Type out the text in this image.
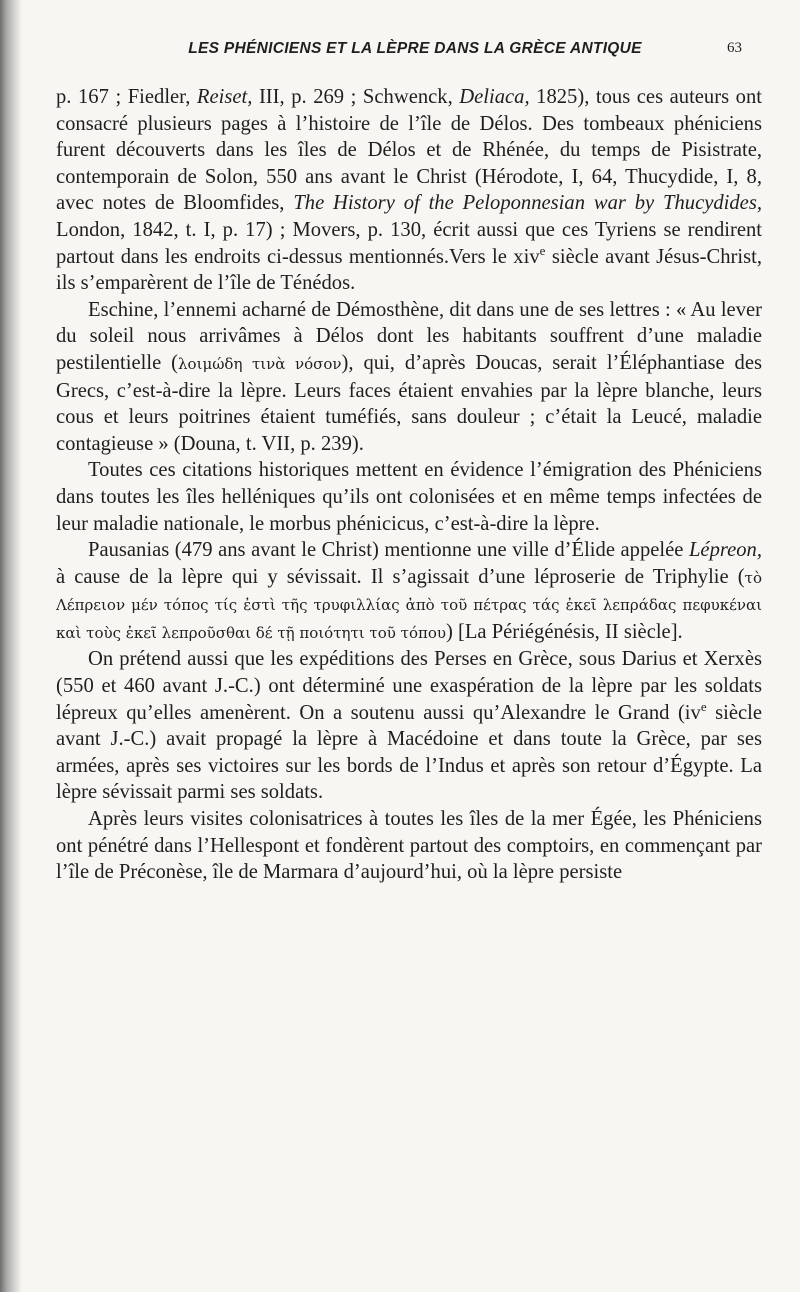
LES PHÉNICIENS ET LA LÈPRE DANS LA GRÈCE ANTIQUE	63

p. 167 ; Fiedler, Reiset, III, p. 269 ; Schwenck, Deliaca, 1825), tous ces auteurs ont consacré plusieurs pages à l’histoire de l’île de Délos. Des tombeaux phéniciens furent découverts dans les îles de Délos et de Rhénée, du temps de Pisistrate, contemporain de Solon, 550 ans avant le Christ (Hérodote, I, 64, Thucydide, I, 8, avec notes de Bloomfides, The History of the Peloponnesian war by Thucydides, London, 1842, t. I, p. 17) ; Movers, p. 130, écrit aussi que ces Tyriens se rendirent partout dans les endroits ci-dessus mentionnés.Vers le xiv$^e$ siècle avant Jésus-Christ, ils s’emparèrent de l’île de Ténédos.

Eschine, l’ennemi acharné de Démosthène, dit dans une de ses lettres : « Au lever du soleil nous arrivâmes à Délos dont les habitants souffrent d’une maladie pestilentielle (λοιμώδη τινὰ νόσον), qui, d’après Doucas, serait l’Éléphantiase des Grecs, c’est-à-dire la lèpre. Leurs faces étaient envahies par la lèpre blanche, leurs cous et leurs poitrines étaient tuméfiés, sans douleur ; c’était la Leucé, maladie contagieuse » (Douna, t. VII, p. 239).

Toutes ces citations historiques mettent en évidence l’émigration des Phéniciens dans toutes les îles helléniques qu’ils ont colonisées et en même temps infectées de leur maladie nationale, le morbus phénicicus, c’est-à-dire la lèpre.

Pausanias (479 ans avant le Christ) mentionne une ville d’Élide appelée Lépreon, à cause de la lèpre qui y sévissait. Il s’agissait d’une léproserie de Triphylie (τὸ Λέπρειον μέν τόπος τίς ἐστὶ τῆς τρυφιλλίας ἀπὸ τοῦ πέτρας τάς ἐκεῖ λεπράδας πεφυκέναι καὶ τοὺς ἐκεῖ λεπροῦσθαι δέ τῇ ποιότητι τοῦ τόπου) [La Périégénésis, II siècle].

On prétend aussi que les expéditions des Perses en Grèce, sous Darius et Xerxès (550 et 460 avant J.-C.) ont déterminé une exaspération de la lèpre par les soldats lépreux qu’elles amenèrent. On a soutenu aussi qu’Alexandre le Grand ($iv^e$ siècle avant J.-C.) avait propagé la lèpre à Macédoine et dans toute la Grèce, par ses armées, après ses victoires sur les bords de l’Indus et après son retour d’Égypte. La lèpre sévissait parmi ses soldats.

Après leurs visites colonisatrices à toutes les îles de la mer Égée, les Phéniciens ont pénétré dans l’Hellespont et fondèrent partout des comptoirs, en commençant par l’île de Préconèse, île de Marmara d’aujourd’hui, où la lèpre persiste
